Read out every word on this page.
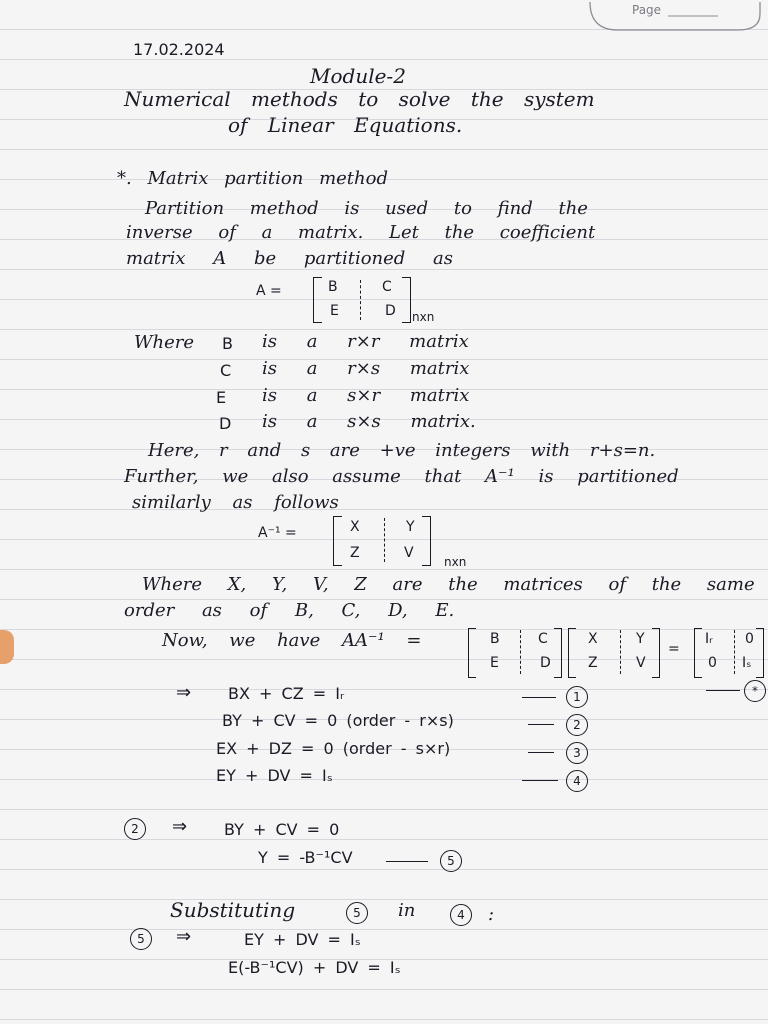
Page
17.02.2024
Module-2
Numerical methods to solve the system
of Linear Equations.
*. Matrix partition method
Partition method is used to find the
inverse of a matrix. Let the coefficient
matrix A be partitioned as
A =	B	C
E	D nxn
Where B is a r×r matrix
C is a r×s matrix
E is a s×r matrix
D is a s×s matrix.
Here, r and s are +ve integers with r+s=n.
Further, we also assume that A⁻¹ is partitioned
similarly as follows
A⁻¹ =	X	Y
Z	V
nxn
Where X, Y, V, Z are the matrices of the same
order as of B, C, D, E.
Now, we have AA⁻¹ =	B	C
E	D
X	Y
Z	V
=
Iᵣ 0
0 Iₛ
*
⇒ BX + CZ = Iᵣ	1
BY + CV = 0 (order - r×s)	2
EX + DZ = 0 (order - s×r)	3
EY + DV = Iₛ	4
2	⇒ BY + CV = 0
Y = -B⁻¹CV	5
Substituting	5	in	4	:
5	⇒	EY + DV = Iₛ
E(-B⁻¹CV) + DV = Iₛ
